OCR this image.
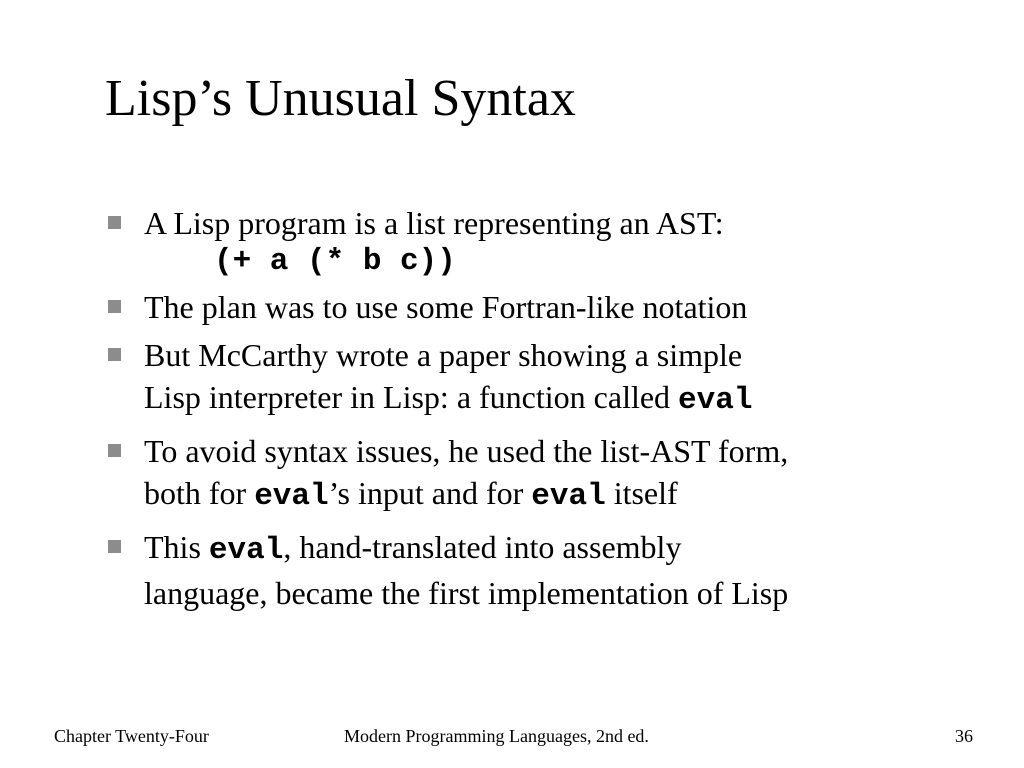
Lisp’s Unusual Syntax
A Lisp program is a list representing an AST:
(+ a (* b c))
The plan was to use some Fortran-like notation
But McCarthy wrote a paper showing a simple
Lisp interpreter in Lisp: a function called eval
To avoid syntax issues, he used the list-AST form,
both for eval’s input and for eval itself
This eval, hand-translated into assembly
language, became the first implementation of Lisp
Chapter Twenty-Four	Modern Programming Languages, 2nd ed.	36
